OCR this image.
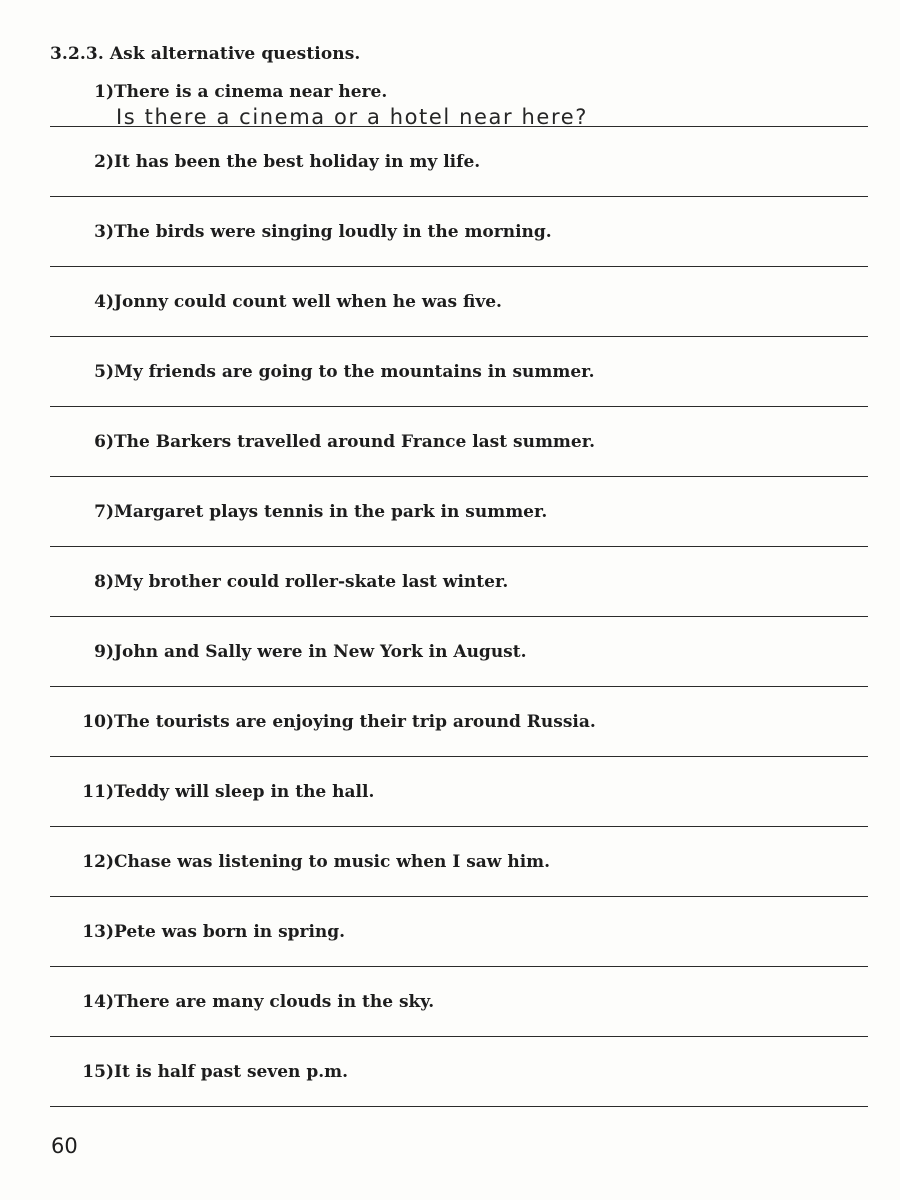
3.2.3. Ask alternative questions.
1) There is a cinema near here.
Is there a cinema or a hotel near here?
2) It has been the best holiday in my life.
3) The birds were singing loudly in the morning.
4) Jonny could count well when he was five.
5) My friends are going to the mountains in summer.
6) The Barkers travelled around France last summer.
7) Margaret plays tennis in the park in summer.
8) My brother could roller-skate last winter.
9) John and Sally were in New York in August.
10) The tourists are enjoying their trip around Russia.
11) Teddy will sleep in the hall.
12) Chase was listening to music when I saw him.
13) Pete was born in spring.
14) There are many clouds in the sky.
15) It is half past seven p.m.
60
